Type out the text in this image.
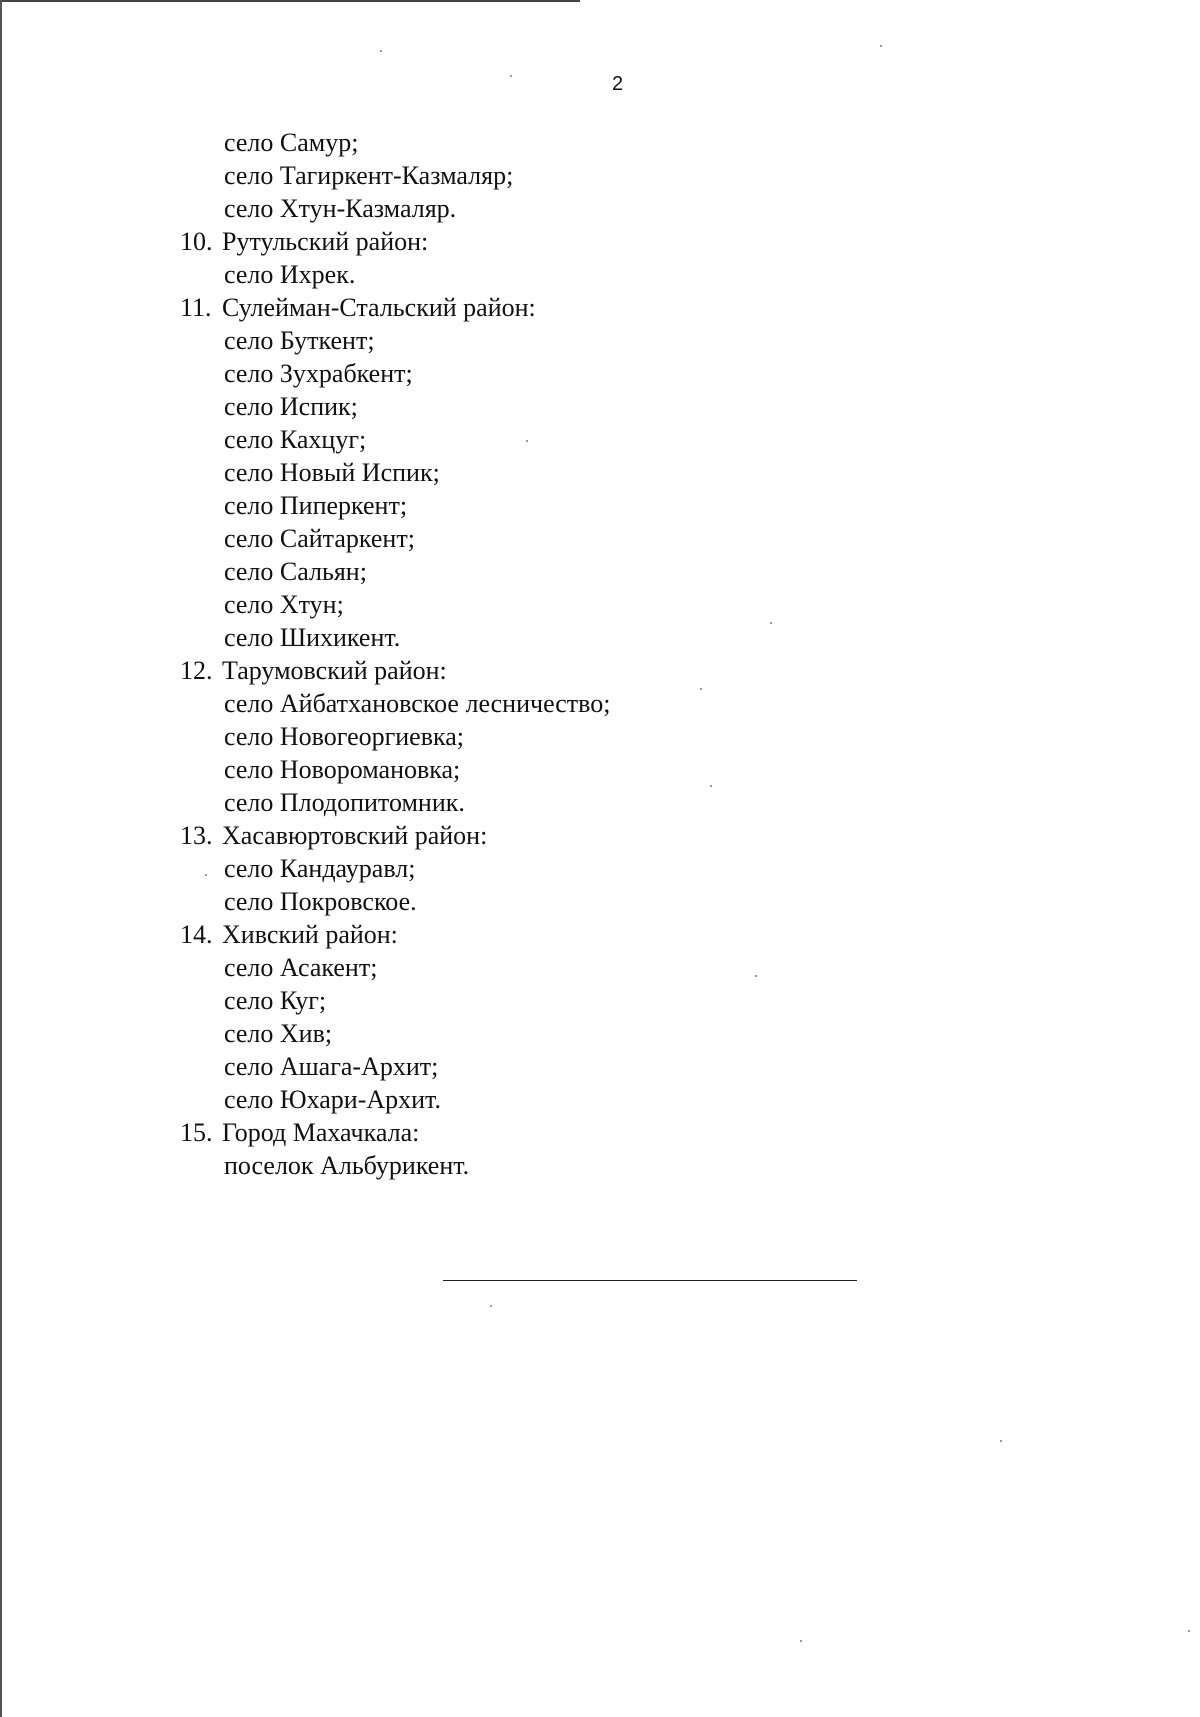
2
село Самур;
село Тагиркент-Казмаляр;
село Хтун-Казмаляр.
10. Рутульский район:
село Ихрек.
11. Сулейман-Стальский район:
село Буткент;
село Зухрабкент;
село Испик;
село Кахцуг;
село Новый Испик;
село Пиперкент;
село Сайтаркент;
село Сальян;
село Хтун;
село Шихикент.
12. Тарумовский район:
село Айбатхановское лесничество;
село Новогеоргиевка;
село Новоромановка;
село Плодопитомник.
13. Хасавюртовский район:
село Кандауравл;
село Покровское.
14. Хивский район:
село Асакент;
село Куг;
село Хив;
село Ашага-Архит;
село Юхари-Архит.
15. Город Махачкала:
поселок Альбурикент.
